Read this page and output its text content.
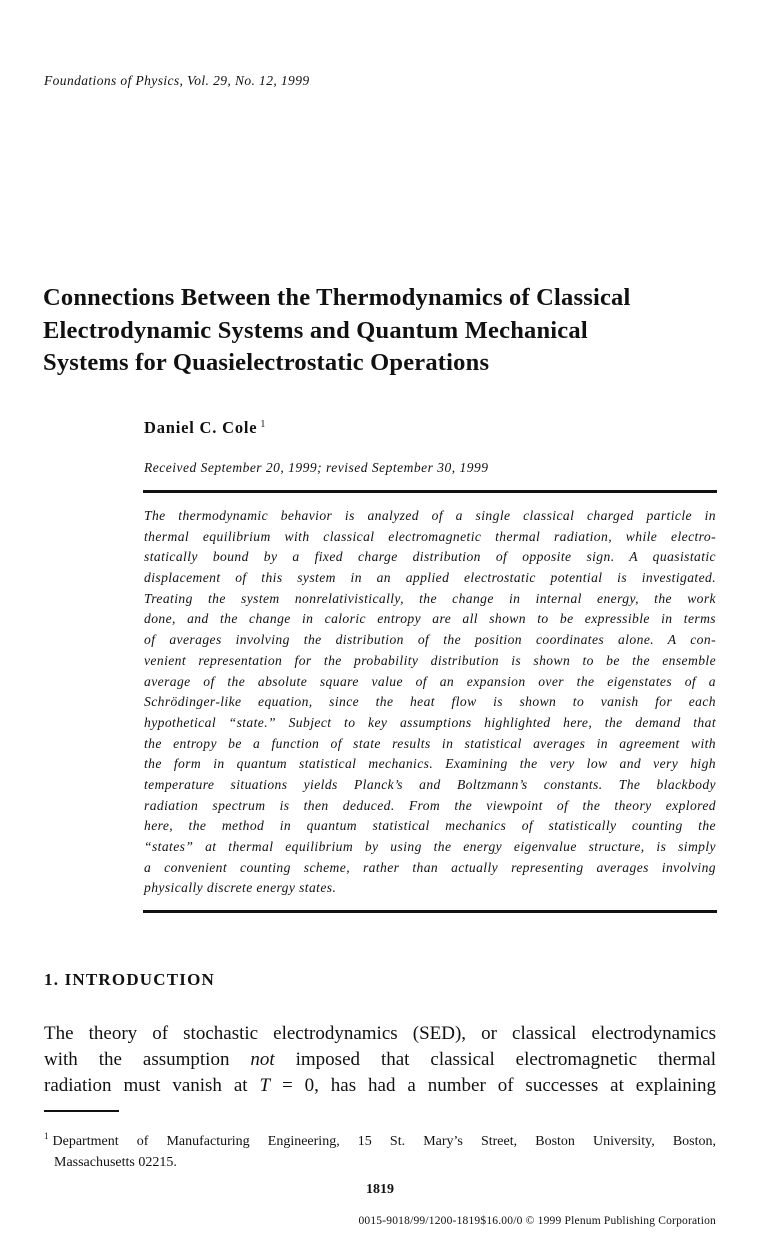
Foundations of Physics, Vol. 29, No. 12, 1999
Connections Between the Thermodynamics of Classical
Electrodynamic Systems and Quantum Mechanical
Systems for Quasielectrostatic Operations
Daniel C. Cole $^1$
Received September 20, 1999; revised September 30, 1999
The thermodynamic behavior is analyzed of a single classical charged particle in
thermal equilibrium with classical electromagnetic thermal radiation, while electro-
statically bound by a fixed charge distribution of opposite sign. A quasistatic
displacement of this system in an applied electrostatic potential is investigated.
Treating the system nonrelativistically, the change in internal energy, the work
done, and the change in caloric entropy are all shown to be expressible in terms
of averages involving the distribution of the position coordinates alone. A con-
venient representation for the probability distribution is shown to be the ensemble
average of the absolute square value of an expansion over the eigenstates of a
Schrödinger-like equation, since the heat flow is shown to vanish for each
hypothetical “state.” Subject to key assumptions highlighted here, the demand that
the entropy be a function of state results in statistical averages in agreement with
the form in quantum statistical mechanics. Examining the very low and very high
temperature situations yields Planck’s and Boltzmann’s constants. The blackbody
radiation spectrum is then deduced. From the viewpoint of the theory explored
here, the method in quantum statistical mechanics of statistically counting the
“states” at thermal equilibrium by using the energy eigenvalue structure, is simply
a convenient counting scheme, rather than actually representing averages involving
physically discrete energy states.
1. INTRODUCTION
The theory of stochastic electrodynamics (SED), or classical electrodynamics
with the assumption not imposed that classical electromagnetic thermal
radiation must vanish at T = 0, has had a number of successes at explaining
$^1$ Department of Manufacturing Engineering, 15 St. Mary’s Street, Boston University, Boston,
Massachusetts 02215.
1819
0015-9018/99/1200-1819$16.00/0 © 1999 Plenum Publishing Corporation
